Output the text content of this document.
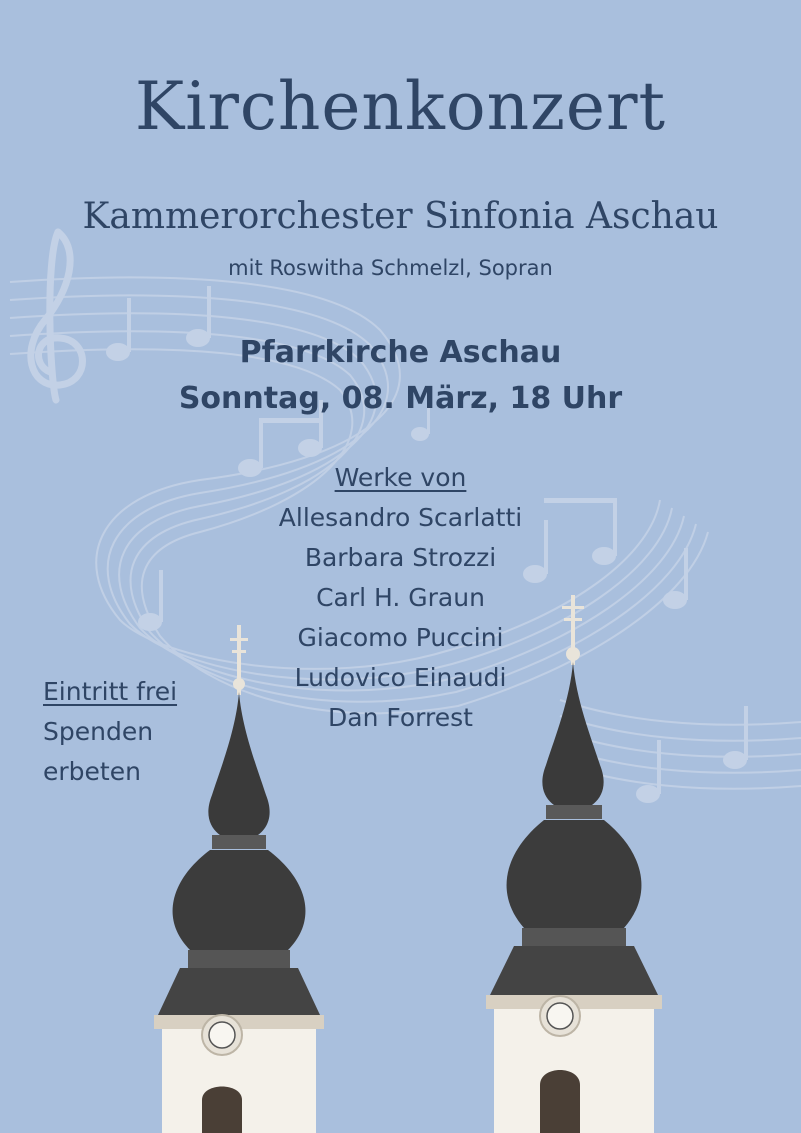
Kirchenkonzert
Kammerorchester Sinfonia Aschau
mit Roswitha Schmelzl, Sopran
Pfarrkirche Aschau
Sonntag, 08. März, 18 Uhr
Werke von
Allesandro Scarlatti
Barbara Strozzi
Carl H. Graun
Giacomo Puccini
Ludovico Einaudi
Dan Forrest
Eintritt frei
Spenden
erbeten
